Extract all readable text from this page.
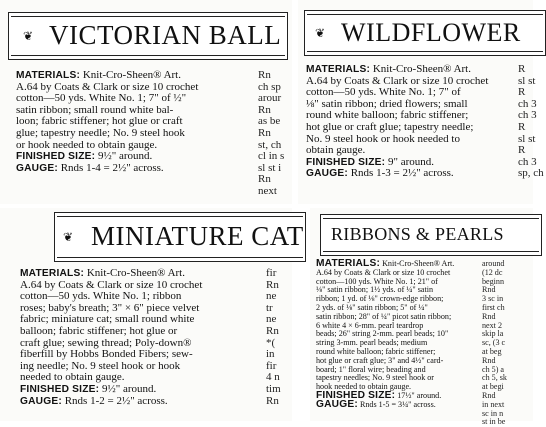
❦ VICTORIAN BALL
MATERIALS: Knit-Cro-Sheen® Art.
A.64 by Coats & Clark or size 10 crochet
cotton—50 yds. White No. 1; 7" of ½"
satin ribbon; small round white bal-
loon; fabric stiffener; hot glue or craft
glue; tapestry needle; No. 9 steel hook
or hook needed to obtain gauge.
FINISHED SIZE: 9½" around.
GAUGE: Rnds 1-4 = 2½" across.
Rn
ch sp
arour
Rn
as be
Rn
st, ch
cl in s
sl st i
Rn
next
❦ WILDFLOWER
MATERIALS: Knit-Cro-Sheen® Art.
A.64 by Coats & Clark or size 10 crochet
cotton—50 yds. White No. 1; 7" of
⅛" satin ribbon; dried flowers; small
round white balloon; fabric stiffener;
hot glue or craft glue; tapestry needle;
No. 9 steel hook or hook needed to
obtain gauge.
FINISHED SIZE: 9" around.
GAUGE: Rnds 1-3 = 2½" across.
R
sl st
R
ch 3
ch 3
R
sl st
R
ch 3
sp, ch
❦ MINIATURE CAT
MATERIALS: Knit-Cro-Sheen® Art.
A.64 by Coats & Clark or size 10 crochet
cotton—50 yds. White No. 1; ribbon
roses; baby's breath; 3" × 6" piece velvet
fabric; miniature cat; small round white
balloon; fabric stiffener; hot glue or
craft glue; sewing thread; Poly-down®
fiberfill by Hobbs Bonded Fibers; sew-
ing needle; No. 9 steel hook or hook
needed to obtain gauge.
FINISHED SIZE: 9½" around.
GAUGE: Rnds 1-2 = 2½" across.
fir
Rn
ne
tr
ne
Rn
*(
in
fir
4 n
tim
Rn
RIBBONS & PEARLS
MATERIALS: Knit-Cro-Sheen® Art.
A.64 by Coats & Clark or size 10 crochet
cotton—100 yds. White No. 1; 21" of
⅛" satin ribbon; 1½ yds. of ¼" satin
ribbon; 1 yd. of ⅛" crown-edge ribbon;
2 yds. of ⅛" satin ribbon; 5" of ¼"
satin ribbon; 28" of ¼" picot satin ribbon;
6 white 4 × 6-mm. pearl teardrop
beads; 26" string 2-mm. pearl beads; 10"
string 3-mm. pearl beads; medium
round white balloon; fabric stiffener;
hot glue or craft glue; 3" and 4½" card-
board; 1" floral wire; beading and
tapestry needles; No. 9 steel hook or
hook needed to obtain gauge.
FINISHED SIZE: 17½" around.
GAUGE: Rnds 1-5 = 3¼" across.
around
(12 dc
beginn
Rnd
3 sc in
first ch
Rnd
next 2
skip la
sc, (3 c
at beg
Rnd
ch 5) a
ch 5, sk
at begi
Rnd
in next
sc in n
st in be
